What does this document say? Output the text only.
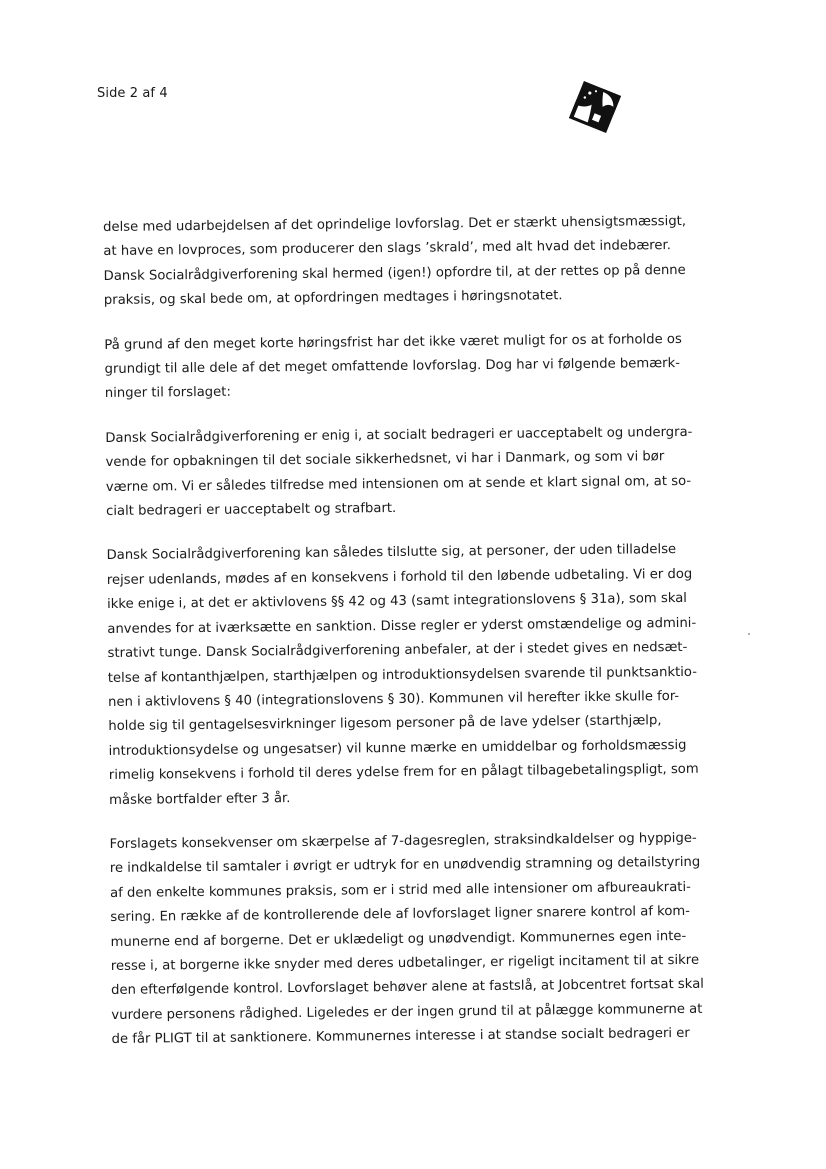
Side 2 af 4

delse med udarbejdelsen af det oprindelige lovforslag. Det er stærkt uhensigtsmæssigt,
at have en lovproces, som producerer den slags ’skrald’, med alt hvad det indebærer.
Dansk Socialrådgiverforening skal hermed (igen!) opfordre til, at der rettes op på denne
praksis, og skal bede om, at opfordringen medtages i høringsnotatet.

På grund af den meget korte høringsfrist har det ikke været muligt for os at forholde os
grundigt til alle dele af det meget omfattende lovforslag. Dog har vi følgende bemærk-
ninger til forslaget:

Dansk Socialrådgiverforening er enig i, at socialt bedrageri er uacceptabelt og undergra-
vende for opbakningen til det sociale sikkerhedsnet, vi har i Danmark, og som vi bør
værne om. Vi er således tilfredse med intensionen om at sende et klart signal om, at so-
cialt bedrageri er uacceptabelt og strafbart.

Dansk Socialrådgiverforening kan således tilslutte sig, at personer, der uden tilladelse
rejser udenlands, mødes af en konsekvens i forhold til den løbende udbetaling. Vi er dog
ikke enige i, at det er aktivlovens §§ 42 og 43 (samt integrationslovens § 31a), som skal
anvendes for at iværksætte en sanktion. Disse regler er yderst omstændelige og admini-
strativt tunge. Dansk Socialrådgiverforening anbefaler, at der i stedet gives en nedsæt-
telse af kontanthjælpen, starthjælpen og introduktionsydelsen svarende til punktsanktio-
nen i aktivlovens § 40 (integrationslovens § 30). Kommunen vil herefter ikke skulle for-
holde sig til gentagelsesvirkninger ligesom personer på de lave ydelser (starthjælp,
introduktionsydelse og ungesatser) vil kunne mærke en umiddelbar og forholdsmæssig
rimelig konsekvens i forhold til deres ydelse frem for en pålagt tilbagebetalingspligt, som
måske bortfalder efter 3 år.

Forslagets konsekvenser om skærpelse af 7-dagesreglen, straksindkaldelser og hyppige-
re indkaldelse til samtaler i øvrigt er udtryk for en unødvendig stramning og detailstyring
af den enkelte kommunes praksis, som er i strid med alle intensioner om afbureaukrati-
sering. En række af de kontrollerende dele af lovforslaget ligner snarere kontrol af kom-
munerne end af borgerne. Det er uklædeligt og unødvendigt. Kommunernes egen inte-
resse i, at borgerne ikke snyder med deres udbetalinger, er rigeligt incitament til at sikre
den efterfølgende kontrol. Lovforslaget behøver alene at fastslå, at Jobcentret fortsat skal
vurdere personens rådighed. Ligeledes er der ingen grund til at pålægge kommunerne at
de får PLIGT til at sanktionere. Kommunernes interesse i at standse socialt bedrageri er
